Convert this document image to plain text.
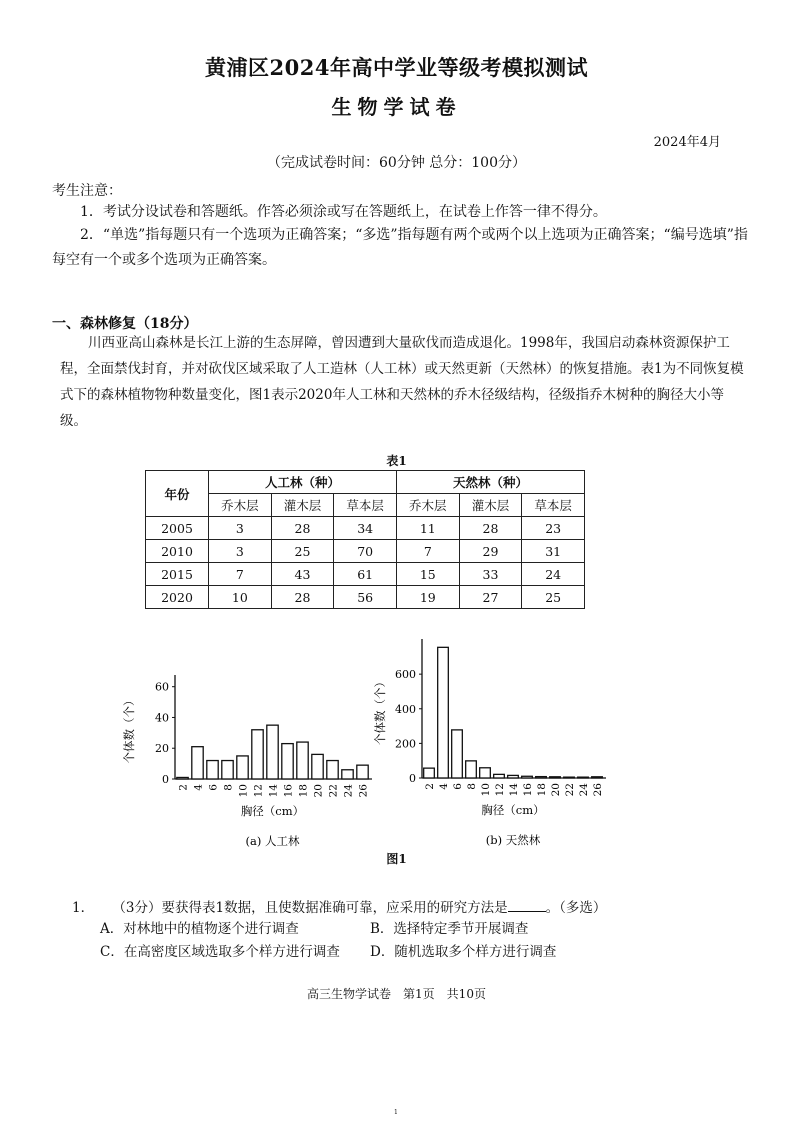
黄浦区2024年高中学业等级考模拟测试
生物学试卷
2024年4月
（完成试卷时间：60分钟 总分：100分）
考生注意：
1．考试分设试卷和答题纸。作答必须涂或写在答题纸上，在试卷上作答一律不得分。
2．“单选”指每题只有一个选项为正确答案；“多选”指每题有两个或两个以上选项为正确答案；“编号选填”指每空有一个或多个选项为正确答案。
一、森林修复（18分）
川西亚高山森林是长江上游的生态屏障，曾因遭到大量砍伐而造成退化。1998年，我国启动森林资源保护工程，全面禁伐封育，并对砍伐区域采取了人工造林（人工林）或天然更新（天然林）的恢复措施。表1为不同恢复模式下的森林植物物种数量变化，图1表示2020年人工林和天然林的乔木径级结构，径级指乔木树种的胸径大小等级。
表1
年份	人工林（种）			天然林（种）		
	乔木层	灌木层	草本层	乔木层	灌木层	草本层
2005	3	28	34	11	28	23
2010	3	25	70	7	29	31
2015	7	43	61	15	33	24
2020	10	28	56	19	27	25
0
20
40
60
2 4 6 8 10 12 14 16 18 20 22 24 26
胸径（cm）
个体数（个）
(a) 人工林
0
200
400
600
2 4 6 8 10 12 14 16 18 20 22 24 26
胸径（cm）
个体数（个）
(b) 天然林
图1
1． （3分）要获得表1数据，且使数据准确可靠，应采用的研究方法是	。（多选）
A．对林地中的植物逐个进行调查	B．选择特定季节开展调查
C．在高密度区域选取多个样方进行调查 D．随机选取多个样方进行调查
高三生物学试卷　第1页　共10页
1
